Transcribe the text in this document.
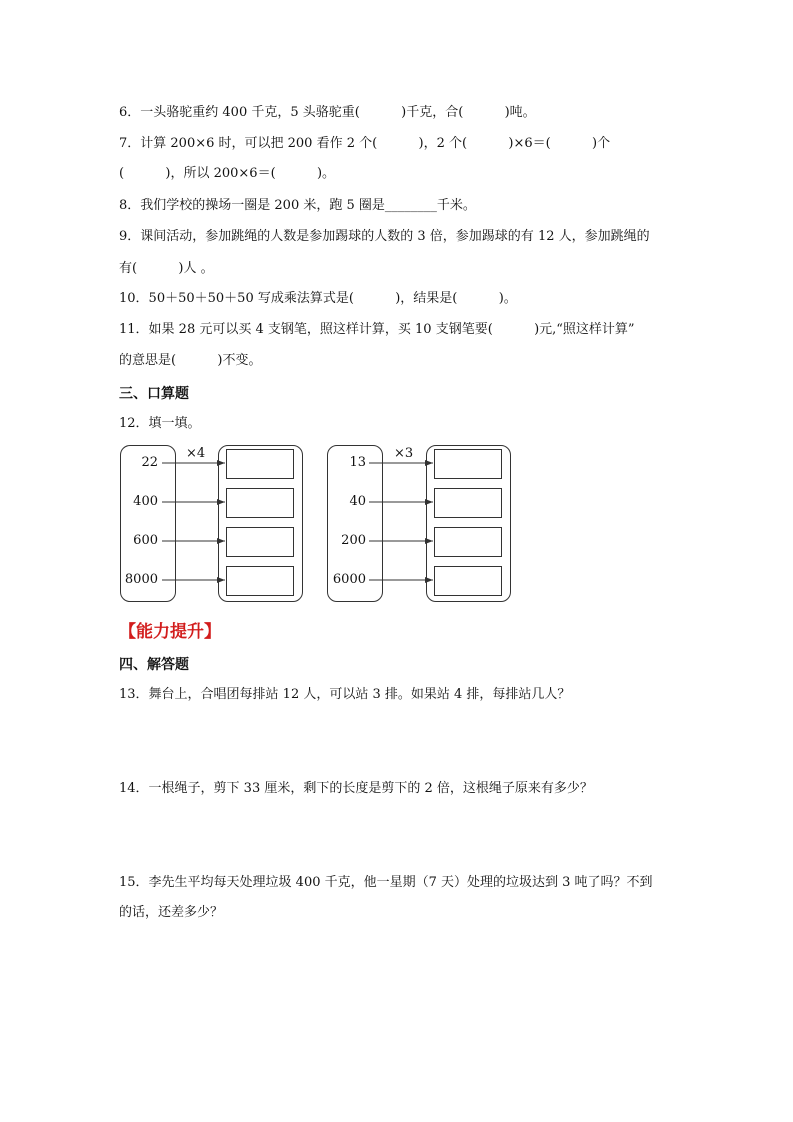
6．一头骆驼重约 400 千克，5 头骆驼重(          )千克，合(          )吨。
7．计算 200×6 时，可以把 200 看作 2 个(          )，2 个(          )×6＝(          )个
(          )，所以 200×6＝(          )。
8．我们学校的操场一圈是 200 米，跑 5 圈是________千米。
9．课间活动，参加跳绳的人数是参加踢球的人数的 3 倍，参加踢球的有 12 人，参加跳绳的
有(          )人 。
10．50＋50＋50＋50 写成乘法算式是(          )，结果是(          )。
11．如果 28 元可以买 4 支钢笔，照这样计算，买 10 支钢笔要(          )元,“照这样计算”
的意思是(          )不变。
三、口算题
12．填一填。
×4
22
400
600
8000
×3
13
40
200
6000
【能力提升】
四、解答题
13．舞台上，合唱团每排站 12 人，可以站 3 排。如果站 4 排，每排站几人？
14．一根绳子，剪下 33 厘米，剩下的长度是剪下的 2 倍，这根绳子原来有多少？
15．李先生平均每天处理垃圾 400 千克，他一星期（7 天）处理的垃圾达到 3 吨了吗？不到
的话，还差多少？
